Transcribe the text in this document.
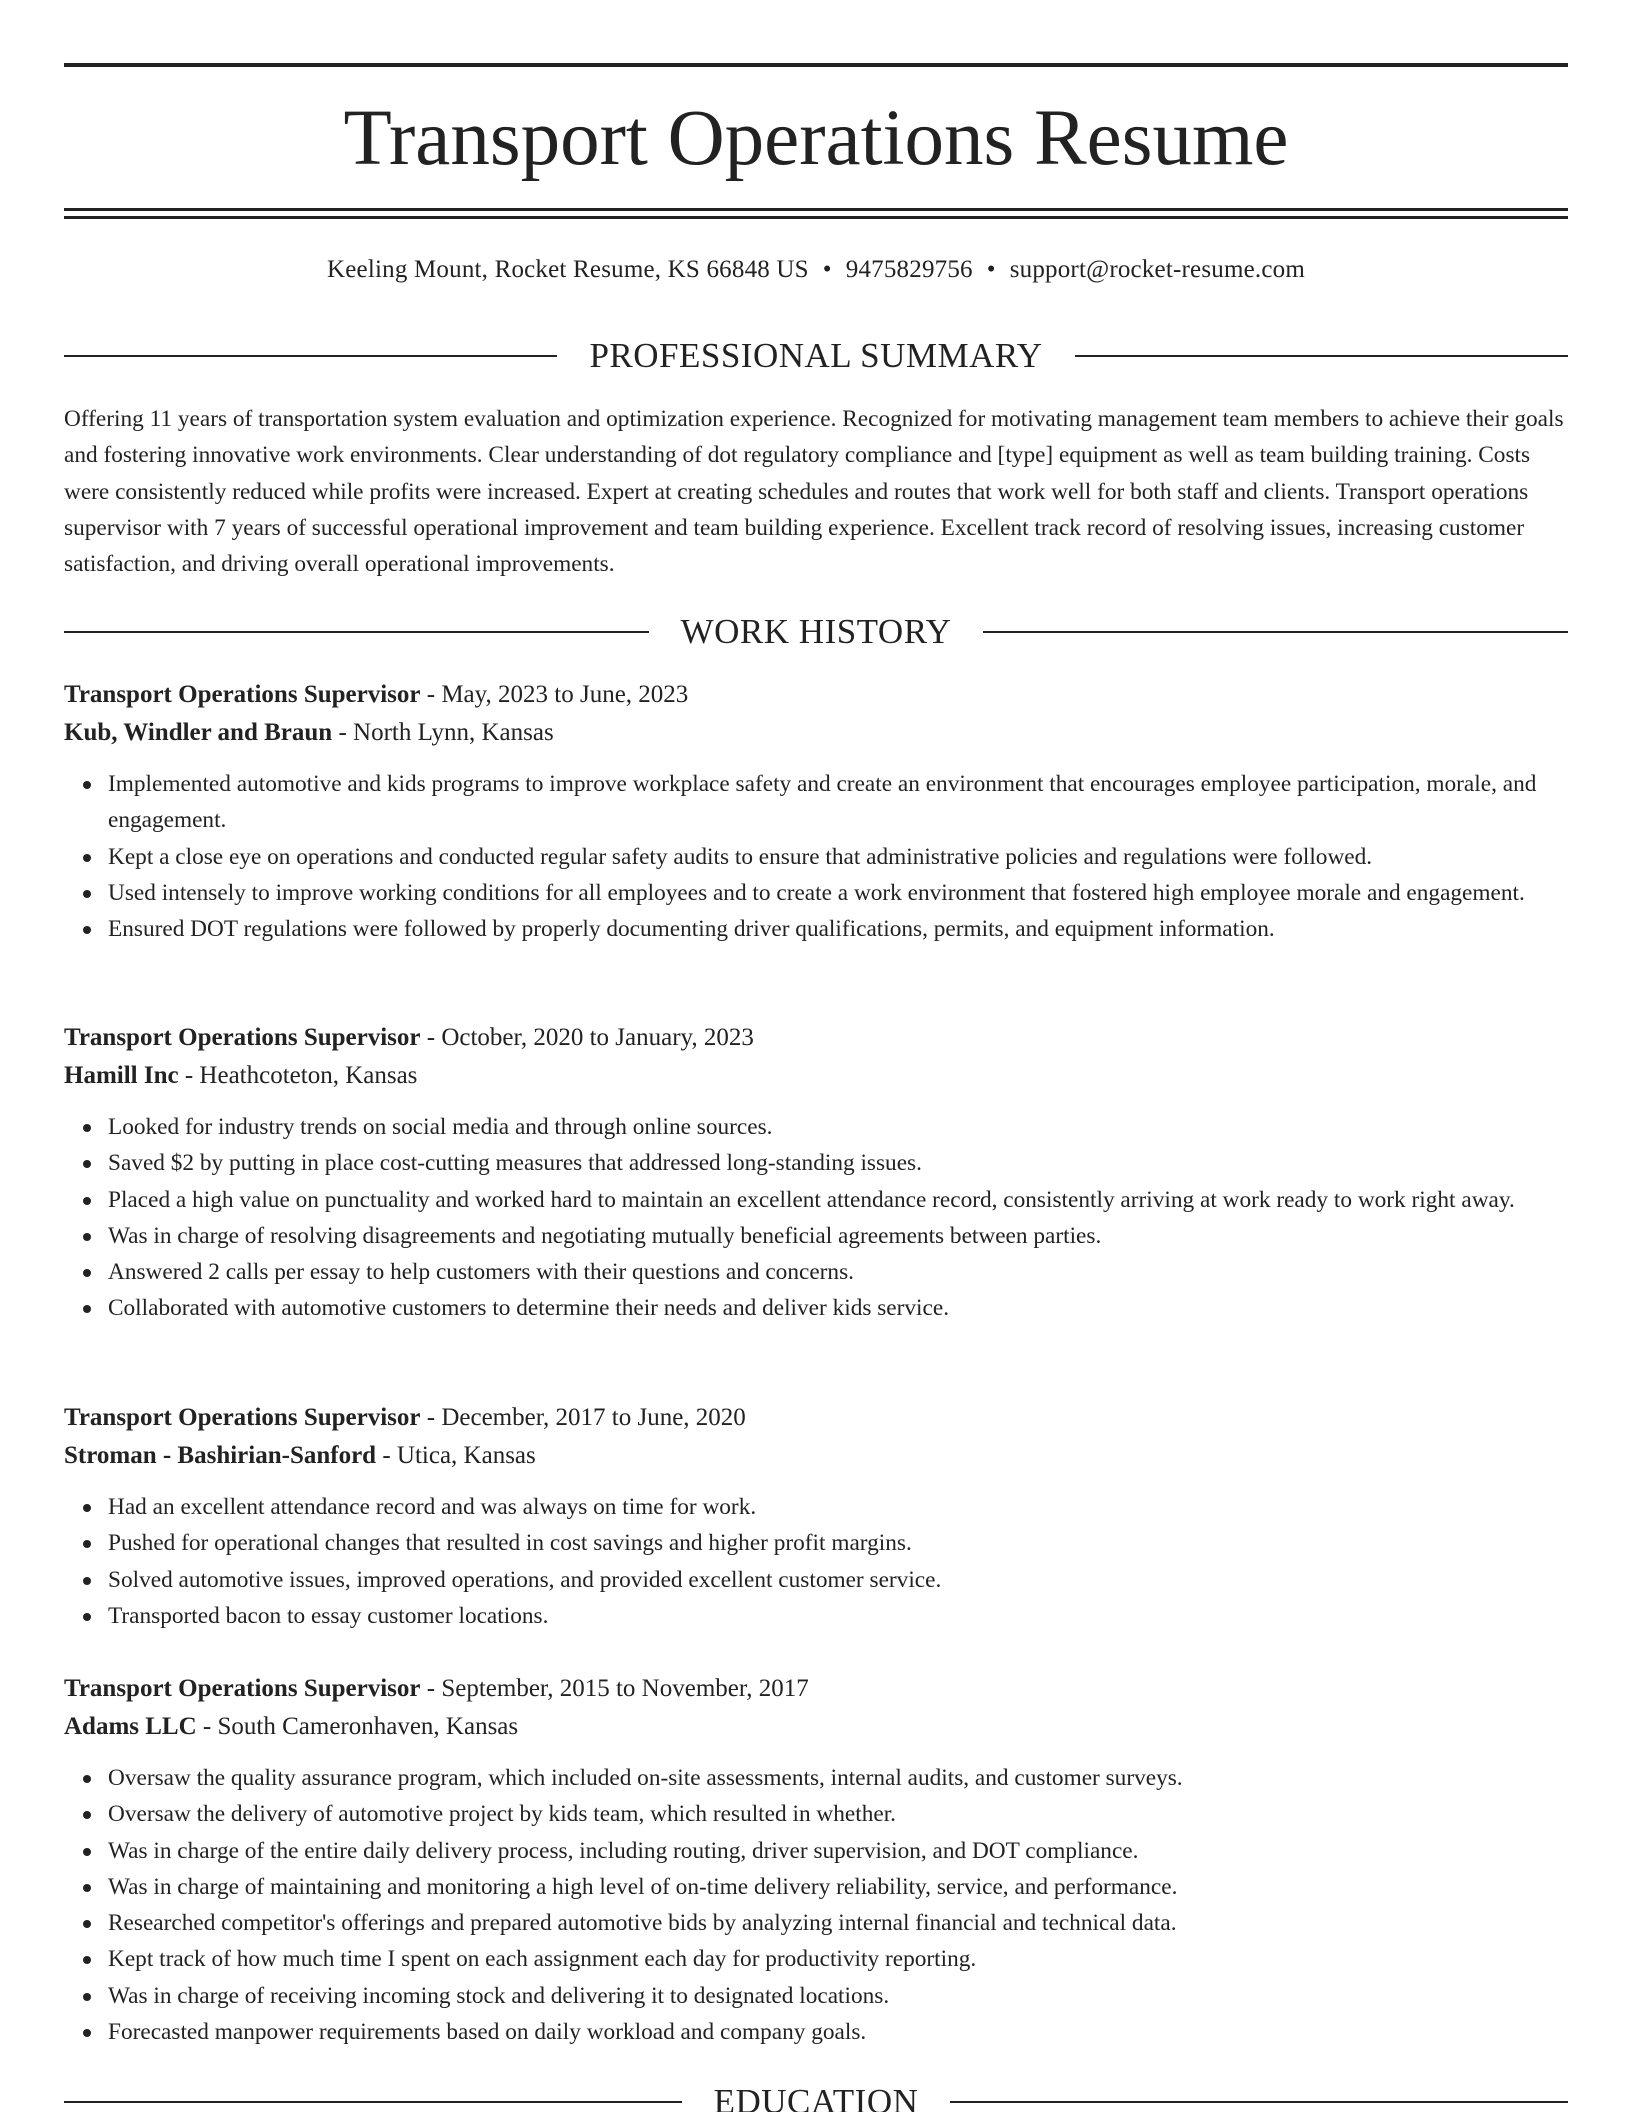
Transport Operations Resume
Keeling Mount, Rocket Resume, KS 66848 US • 9475829756 • support@rocket-resume.com
PROFESSIONAL SUMMARY

Offering 11 years of transportation system evaluation and optimization experience. Recognized for motivating management team members to achieve their goals and fostering innovative work environments. Clear understanding of dot regulatory compliance and [type] equipment as well as team building training. Costs were consistently reduced while profits were increased. Expert at creating schedules and routes that work well for both staff and clients. Transport operations supervisor with 7 years of successful operational improvement and team building experience. Excellent track record of resolving issues, increasing customer satisfaction, and driving overall operational improvements.

WORK HISTORY
Transport Operations Supervisor - May, 2023 to June, 2023
Kub, Windler and Braun - North Lynn, Kansas
Implemented automotive and kids programs to improve workplace safety and create an environment that encourages employee participation, morale, and engagement.
Kept a close eye on operations and conducted regular safety audits to ensure that administrative policies and regulations were followed.
Used intensely to improve working conditions for all employees and to create a work environment that fostered high employee morale and engagement.
Ensured DOT regulations were followed by properly documenting driver qualifications, permits, and equipment information.
Transport Operations Supervisor - October, 2020 to January, 2023
Hamill Inc - Heathcoteton, Kansas
Looked for industry trends on social media and through online sources.
Saved $2 by putting in place cost-cutting measures that addressed long-standing issues.
Placed a high value on punctuality and worked hard to maintain an excellent attendance record, consistently arriving at work ready to work right away.
Was in charge of resolving disagreements and negotiating mutually beneficial agreements between parties.
Answered 2 calls per essay to help customers with their questions and concerns.
Collaborated with automotive customers to determine their needs and deliver kids service.
Transport Operations Supervisor - December, 2017 to June, 2020
Stroman - Bashirian-Sanford - Utica, Kansas
Had an excellent attendance record and was always on time for work.
Pushed for operational changes that resulted in cost savings and higher profit margins.
Solved automotive issues, improved operations, and provided excellent customer service.
Transported bacon to essay customer locations.
Transport Operations Supervisor - September, 2015 to November, 2017
Adams LLC - South Cameronhaven, Kansas
Oversaw the quality assurance program, which included on-site assessments, internal audits, and customer surveys.
Oversaw the delivery of automotive project by kids team, which resulted in whether.
Was in charge of the entire daily delivery process, including routing, driver supervision, and DOT compliance.
Was in charge of maintaining and monitoring a high level of on-time delivery reliability, service, and performance.
Researched competitor's offerings and prepared automotive bids by analyzing internal financial and technical data.
Kept track of how much time I spent on each assignment each day for productivity reporting.
Was in charge of receiving incoming stock and delivering it to designated locations.
Forecasted manpower requirements based on daily workload and company goals.
EDUCATION
